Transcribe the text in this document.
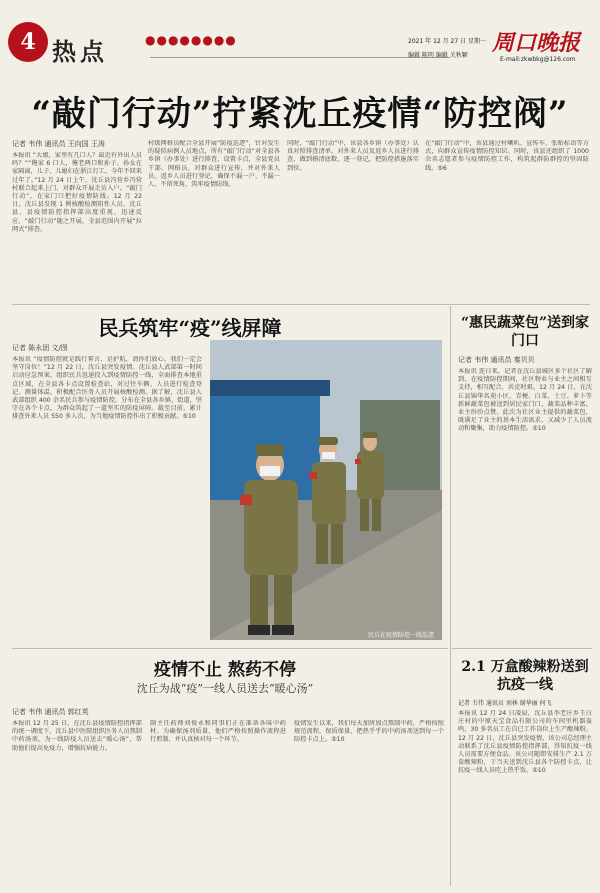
4 热点	●●●●●●●●	2021 年 12 月 27 日 星期一
编辑 陈明 编辑 关秋颖 周口晚报
E-mail:zkwbkg@126.com
“敲门行动”拧紧沈丘疫情“防控阀”
记者 韦伟 通讯员 王向国 王涛
本报讯 “大娘，家里有几口人？最近有外出人员吗？”“俺家 6 口人，俺老两口和孙子、孙女在家隔离，儿子、儿媳妇在浙江打工，今年不回来过年了。”12 月 24 日上午，沈丘县冯营乡冯营村联合起来上门，对群众开展走访入户。“敲门行动”，在家门口把好疫情防线。12 月 22 日，沈丘县发现 1 例核酸检测阳性人员，沈丘县、县疫情防控指挥部高度重视，迅速反应，“敲门行动”随之开展，全县范围内开展“拉网式”排查。
村级网格员配合全县开展“防疫巡逻”，针对发生的疑似病例人员地点，所有“敲门行动”对全县各乡镇（办事处）进行排查，设置卡点，全县党员干部、网格员，对群众进行宣传，并对外来人员、返乡人员进行登记，确保不漏一户、不漏一人，不留死角，筑牢疫情防线。
同时，“敲门行动”中，该县各乡镇（办事处）认真对照排查清单，对外来人员及返乡人员进行排查，做到摸清底数、逐一登记，把防控措施落实到位。
在“敲门行动”中，该县通过村喇叭、宣传车、张贴标语等方式，向群众宣传疫情防控知识。同时，该县还组织了 1000 余名志愿者参与疫情防控工作，构筑起群防群控的坚固防线。⑤6
民兵筑牢“疫”线屏障
记者 陈永团 文/图
本报讯 “疫情防控就是践行誓言，是护航，请你们放心，我们一定会坚守岗位！”12 月 22 日，沈丘县突发疫情。沈丘县人武部第一时间启动应急预案，组织民兵迅速投入到疫情防控一线，全面排查本地重点区域，在全县各卡点设置检查站，对过往车辆、人员进行检查登记、测量体温，积极配合医务人员开展核酸检测。据了解，沈丘县人武部组织 400 余名民兵参与疫情防控，分布在全县各乡镇、街道，坚守在各个卡点，为群众筑起了一道坚实的防疫屏障。截至目前，累计排查外来人员 550 多人次，为当地疫情防控作出了积极贡献。⑤10
民兵在疫情防控一线巡逻
“惠民蔬菜包”送到家门口
记者 韦伟 通讯员 秦贝贝
本报讯 连日来，记者在沈丘县城区多个社区了解到，在疫情防控期间，社区物业与业主之间相互支持，相互配合，共克时艰。12 月 24 日，在沈丘县锦华名苑小区，青梗、白菜、土豆、萝卜等新鲜蔬菜包被送到居民家门口，蔬菜品种丰富，业主纷纷点赞。此次为社区业主提供的蔬菜包，既满足了业主的基本生活需求，又减少了人员流动和聚集，助力疫情防控。⑤10
2.1 万盒酸辣粉送到抗疫一线
记者 韦伟 通讯员 刘林 谢华丽 何飞
本报讯 12 月 24 日凌晨，沈丘县李老庄乡王白庄村的中原天宝食品有限公司的车间里机器轰鸣，30 多名员工在自已工作岗位上生产酸辣粉。12 月 22 日，沈丘县突发疫情，该公司总经理主动联系了沈丘县疫情防控指挥部，得知抗疫一线人员需要方便食品。该公司随即安排生产 2.1 万盒酸辣粉，于当天送到沈丘县各个防控卡点，让抗疫一线人员吃上热乎饭。⑤10
疫情不止 熬药不停
沈丘为战“疫”一线人员送去“暖心汤”
记者 韦伟 通讯员 郭红英
本报讯 12 月 25 日，在沈丘县疫情防控指挥部的统一调度下，沈丘县中医院组织医务人员熬制中药汤剂，为一线防疫人员送去“暖心汤”，帮助他们提高免疫力，增强抗病能力。
副主任药师刘俊永和同事们正在准备各味中药材。为确保汤剂质量，他们严格按照操作流程进行煎制，并认真核对每一个环节。
疫情发生以来，我们每天加班加点熬制中药，严格按照规范流程，保质保量，把热乎乎的中药汤剂送到每一个防控卡点上。⑤10
